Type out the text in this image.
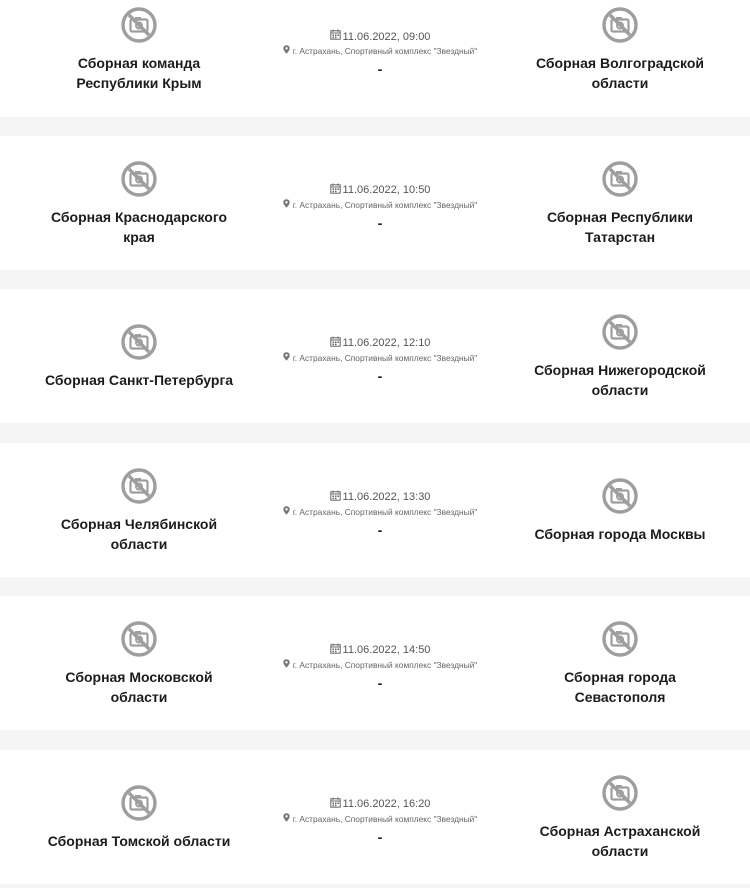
Сборная команда Республики Крым
11.06.2022, 09:00
г. Астрахань, Спортивный комплекс "Звездный"
-	Сборная Волгоградской области
Сборная Краснодарского края
11.06.2022, 10:50
г. Астрахань, Спортивный комплекс "Звездный"
-	Сборная Республики Татарстан
Сборная Санкт-Петербурга
11.06.2022, 12:10
г. Астрахань, Спортивный комплекс "Звездный"
-	Сборная Нижегородской области
Сборная Челябинской области
11.06.2022, 13:30
г. Астрахань, Спортивный комплекс "Звездный"
-	Сборная города Москвы
Сборная Московской области
11.06.2022, 14:50
г. Астрахань, Спортивный комплекс "Звездный"
-	Сборная города Севастополя
Сборная Томской области
11.06.2022, 16:20
г. Астрахань, Спортивный комплекс "Звездный"
-	Сборная Астраханской области
